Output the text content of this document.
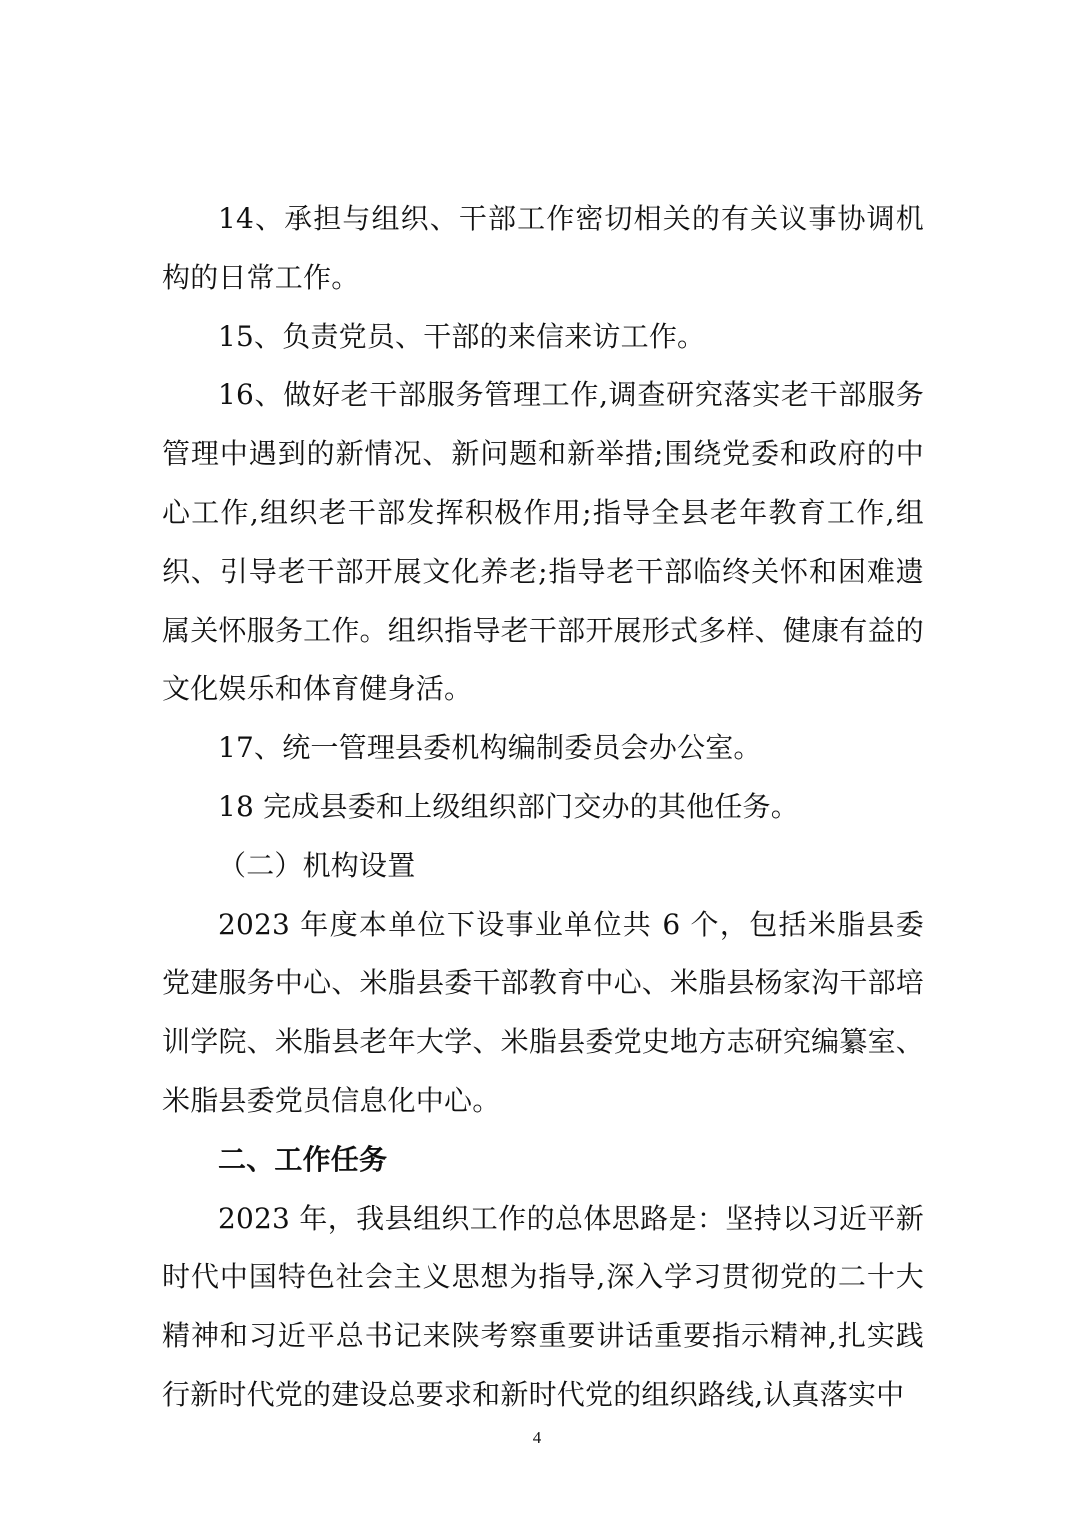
14、承担与组织、干部工作密切相关的有关议事协调机构的日常工作。

15、负责党员、干部的来信来访工作。

16、做好老干部服务管理工作,调查研究落实老干部服务管理中遇到的新情况、新问题和新举措;围绕党委和政府的中心工作,组织老干部发挥积极作用;指导全县老年教育工作,组织、引导老干部开展文化养老;指导老干部临终关怀和困难遗属关怀服务工作。组织指导老干部开展形式多样、健康有益的文化娱乐和体育健身活。

17、统一管理县委机构编制委员会办公室。

18 完成县委和上级组织部门交办的其他任务。

（二）机构设置

2023 年度本单位下设事业单位共 6 个，包括米脂县委党建服务中心、米脂县委干部教育中心、米脂县杨家沟干部培训学院、米脂县老年大学、米脂县委党史地方志研究编纂室、米脂县委党员信息化中心。

二、工作任务

2023 年，我县组织工作的总体思路是：坚持以习近平新时代中国特色社会主义思想为指导,深入学习贯彻党的二十大精神和习近平总书记来陕考察重要讲话重要指示精神,扎实践行新时代党的建设总要求和新时代党的组织路线,认真落实中

4
